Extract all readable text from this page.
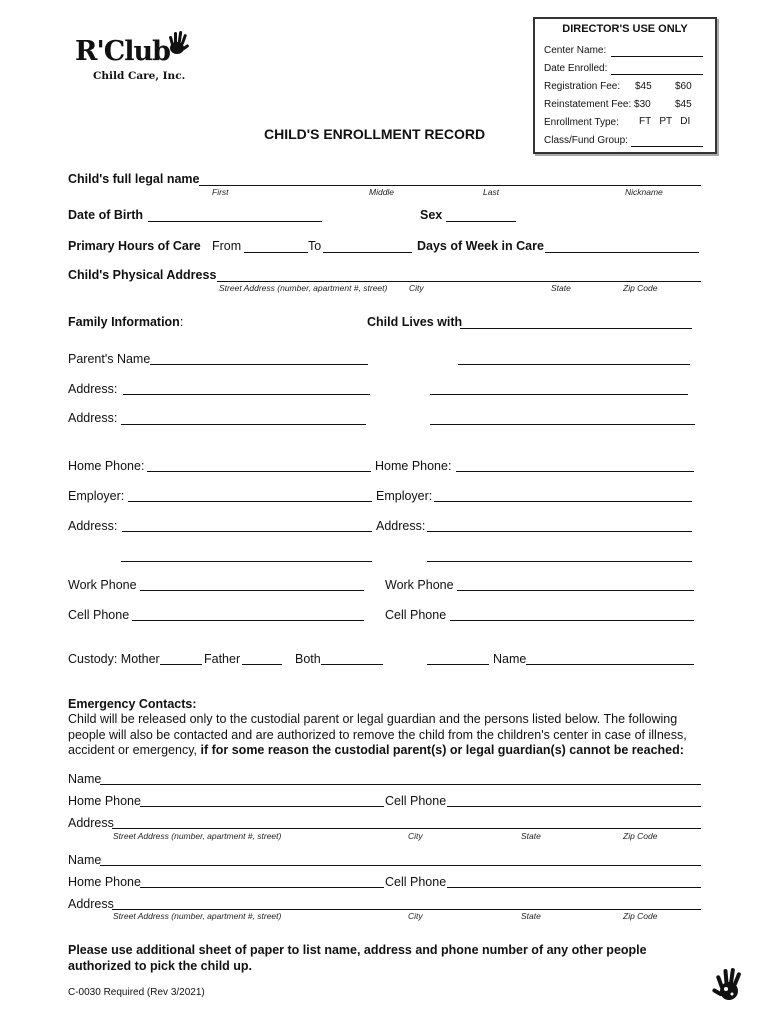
R'Club
Child Care, Inc.
DIRECTOR'S USE ONLY
Center Name:
Date Enrolled:
Registration Fee: $45 $60
Reinstatement Fee: $30 $45
Enrollment Type: FT   PT   DI
Class/Fund Group:
CHILD'S ENROLLMENT RECORD
Child's full legal name
First	Middle	Last	Nickname
Date of Birth	Sex
Primary Hours of Care From	To	Days of Week in Care
Child's Physical Address
Street Address (number, apartment #, street)	City	State	Zip Code
Family Information:	Child Lives with
Parent's Name
Address:
Address:
Home Phone:	Home Phone:
Employer:	Employer:
Address:	Address:
Work Phone	Work Phone
Cell Phone	Cell Phone
Custody: Mother	Father	Both	Name
Emergency Contacts:
Child will be released only to the custodial parent or legal guardian and the persons listed below. The following
people will also be contacted and are authorized to remove the child from the children's center in case of illness,
accident or emergency, if for some reason the custodial parent(s) or legal guardian(s) cannot be reached:
Name
Home Phone	Cell Phone
Address
Street Address (number, apartment #, street)	City	State	Zip Code
Name
Home Phone	Cell Phone
Address
Street Address (number, apartment #, street)	City	State	Zip Code
Please use additional sheet of paper to list name, address and phone number of any other people
authorized to pick the child up.
C-0030 Required (Rev 3/2021)
